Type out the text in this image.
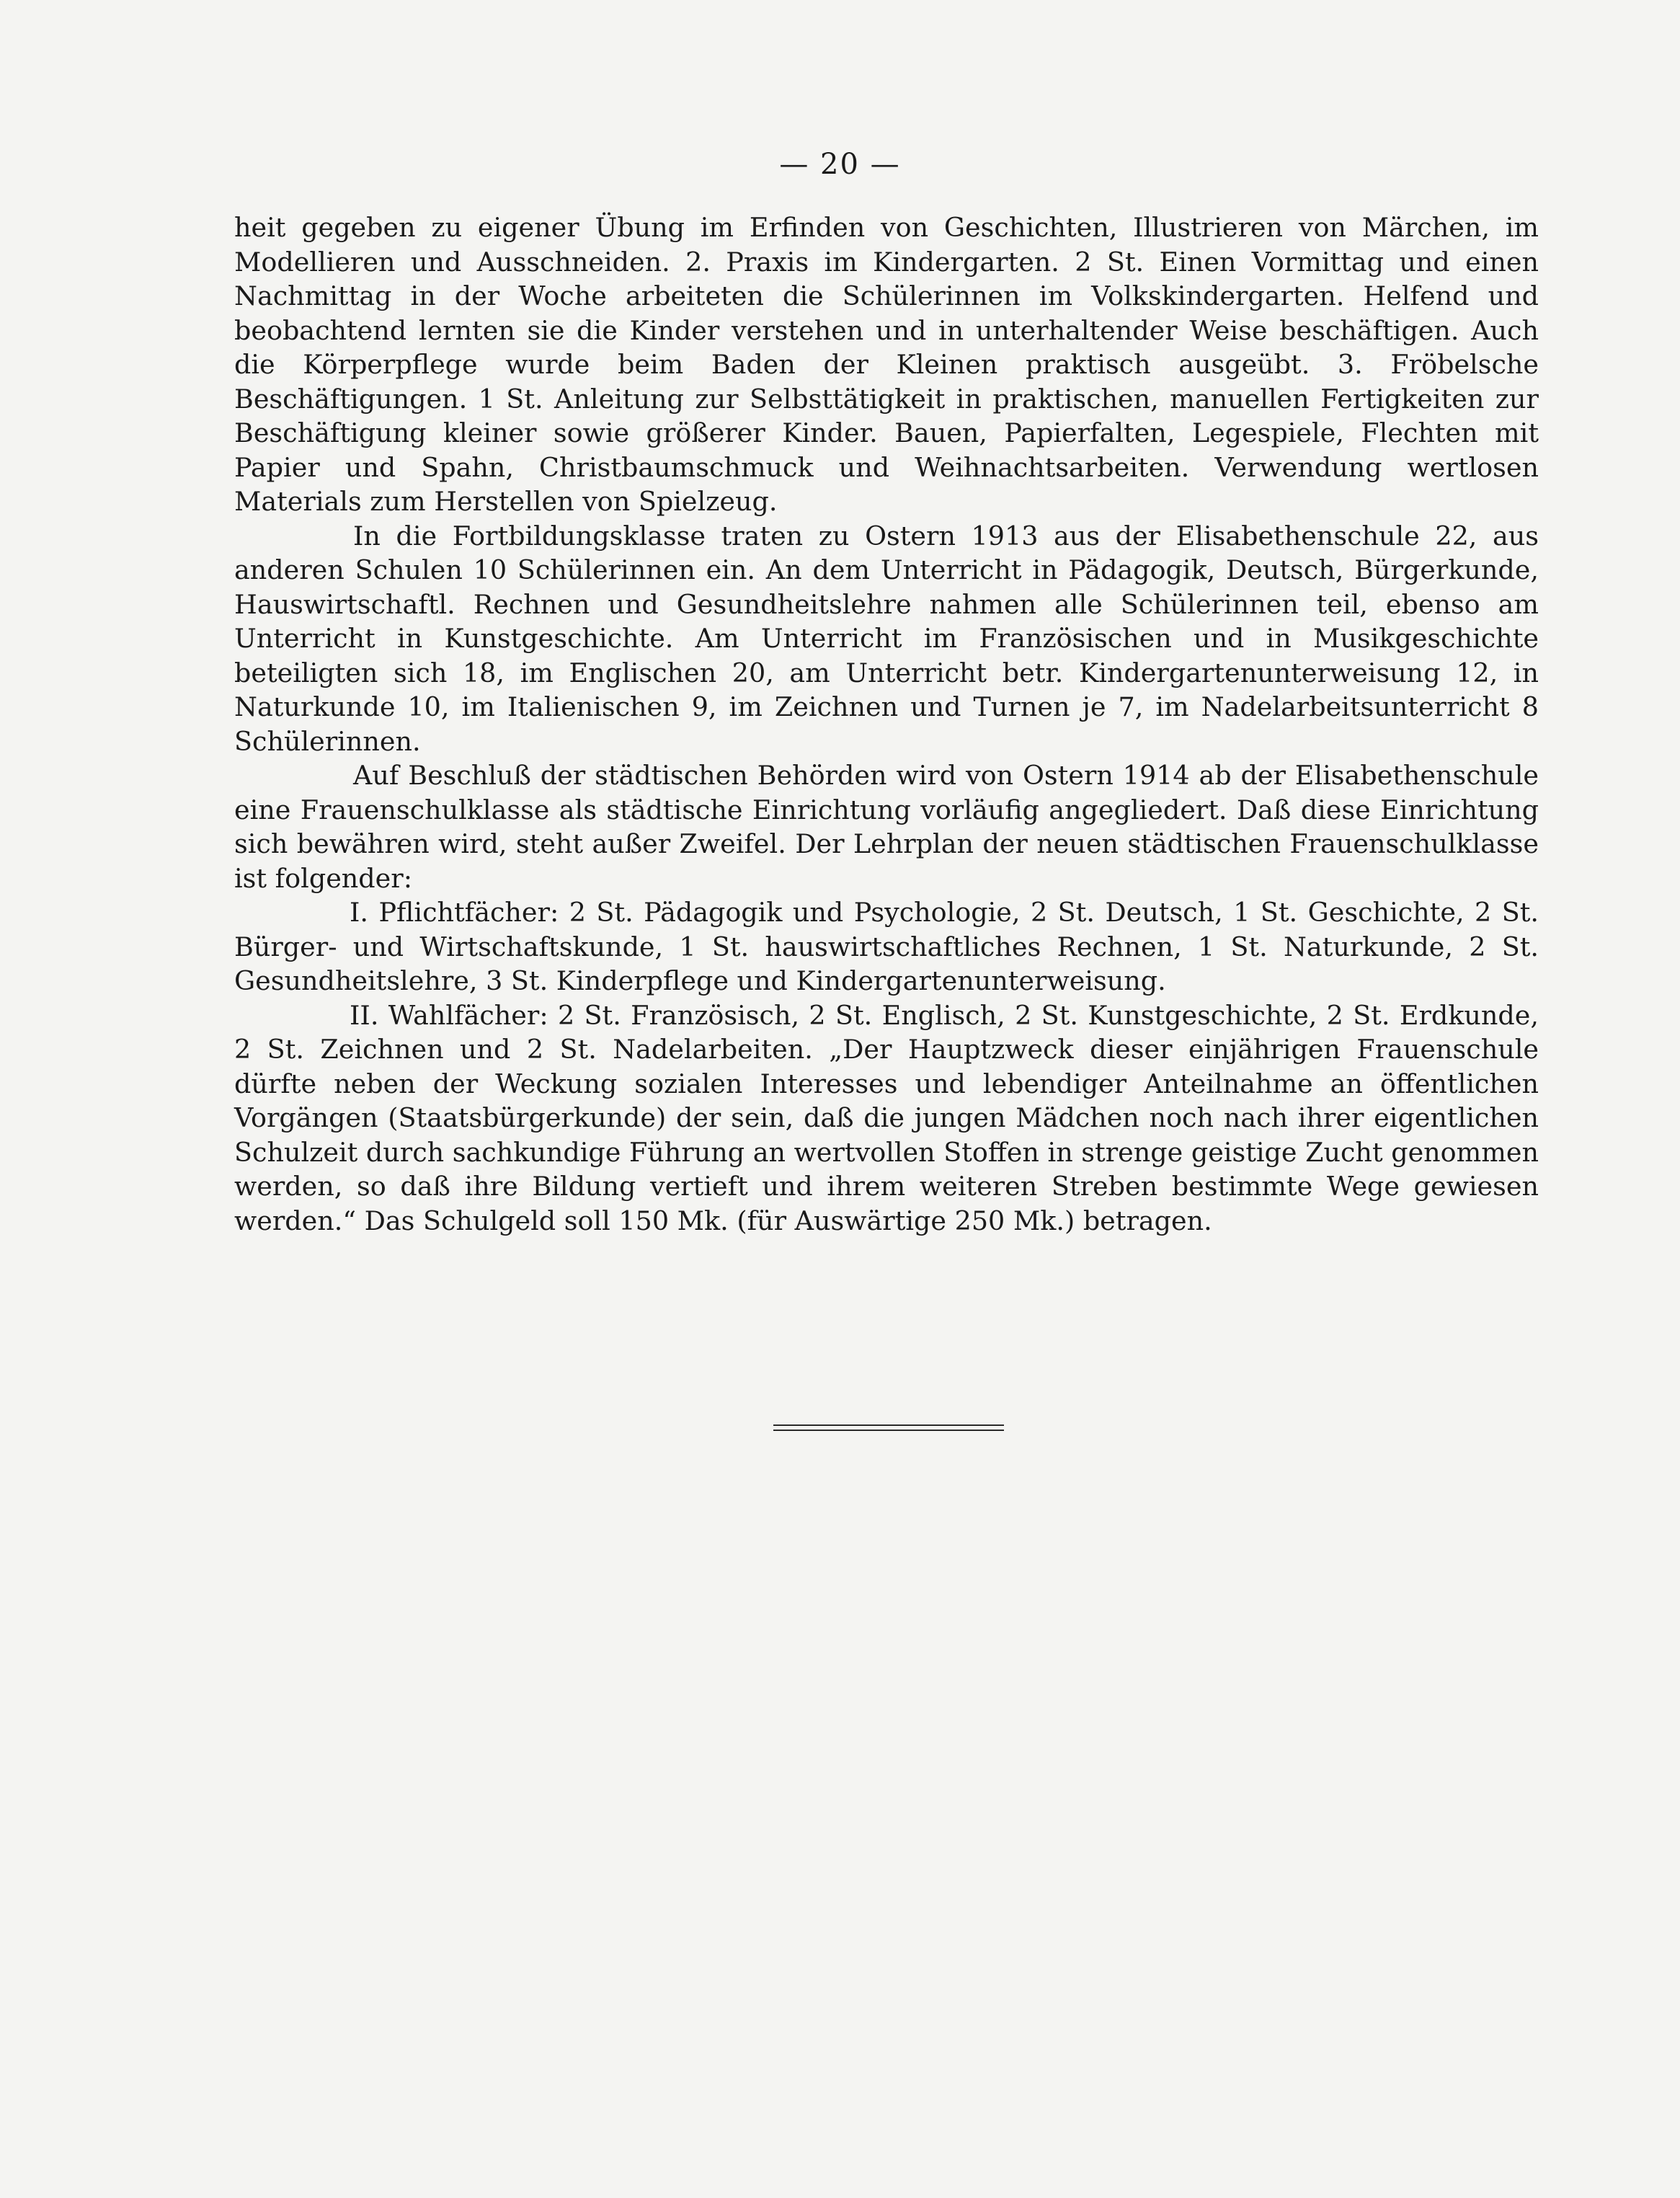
— 20 —

heit gegeben zu eigener Übung im Erfinden von Geschichten, Illustrieren von Märchen, im Modellieren und Ausschneiden. 2. Praxis im Kindergarten. 2 St. Einen Vormittag und einen Nachmittag in der Woche arbeiteten die Schülerinnen im Volkskindergarten. Helfend und beobachtend lernten sie die Kinder verstehen und in unterhaltender Weise beschäftigen. Auch die Körperpflege wurde beim Baden der Kleinen praktisch ausgeübt. 3. Fröbelsche Beschäftigungen. 1 St. Anleitung zur Selbsttätigkeit in praktischen, manuellen Fertigkeiten zur Beschäftigung kleiner sowie größerer Kinder. Bauen, Papierfalten, Legespiele, Flechten mit Papier und Spahn, Christbaumschmuck und Weihnachtsarbeiten. Verwendung wertlosen Materials zum Herstellen von Spielzeug.

In die Fortbildungsklasse traten zu Ostern 1913 aus der Elisabethenschule 22, aus anderen Schulen 10 Schülerinnen ein. An dem Unterricht in Pädagogik, Deutsch, Bürgerkunde, Hauswirtschaftl. Rechnen und Gesundheitslehre nahmen alle Schülerinnen teil, ebenso am Unterricht in Kunstgeschichte. Am Unterricht im Französischen und in Musikgeschichte beteiligten sich 18, im Englischen 20, am Unterricht betr. Kindergartenunterweisung 12, in Naturkunde 10, im Italienischen 9, im Zeichnen und Turnen je 7, im Nadelarbeitsunterricht 8 Schülerinnen.

Auf Beschluß der städtischen Behörden wird von Ostern 1914 ab der Elisabethenschule eine Frauenschulklasse als städtische Einrichtung vorläufig angegliedert. Daß diese Einrichtung sich bewähren wird, steht außer Zweifel. Der Lehrplan der neuen städtischen Frauenschulklasse ist folgender:

I. Pflichtfächer: 2 St. Pädagogik und Psychologie, 2 St. Deutsch, 1 St. Geschichte, 2 St. Bürger- und Wirtschaftskunde, 1 St. hauswirtschaftliches Rechnen, 1 St. Naturkunde, 2 St. Gesundheitslehre, 3 St. Kinderpflege und Kindergartenunterweisung.

II. Wahlfächer: 2 St. Französisch, 2 St. Englisch, 2 St. Kunstgeschichte, 2 St. Erdkunde, 2 St. Zeichnen und 2 St. Nadelarbeiten. „Der Hauptzweck dieser einjährigen Frauenschule dürfte neben der Weckung sozialen Interesses und lebendiger Anteilnahme an öffentlichen Vorgängen (Staatsbürgerkunde) der sein, daß die jungen Mädchen noch nach ihrer eigentlichen Schulzeit durch sachkundige Führung an wertvollen Stoffen in strenge geistige Zucht genommen werden, so daß ihre Bildung vertieft und ihrem weiteren Streben bestimmte Wege gewiesen werden.“ Das Schulgeld soll 150 Mk. (für Auswärtige 250 Mk.) betragen.
